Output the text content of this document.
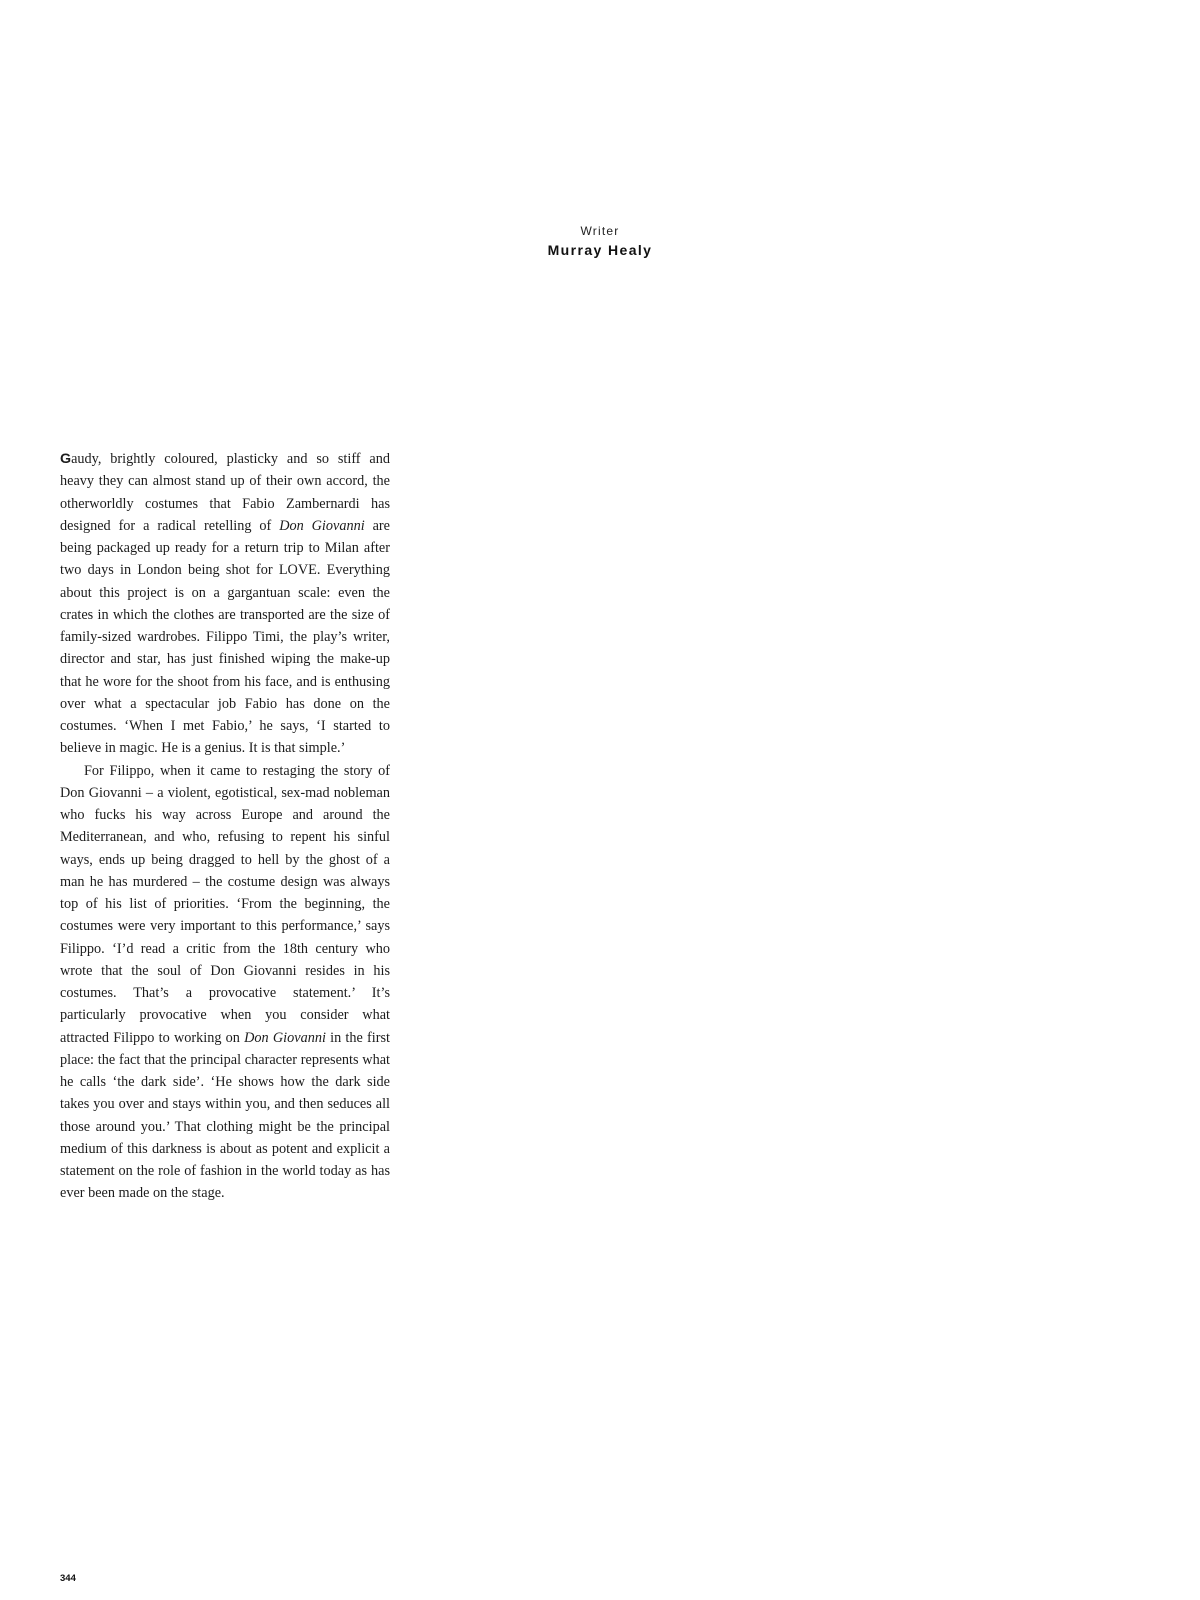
Writer
Murray Healy

Gaudy, brightly coloured, plasticky and so stiff and heavy they can almost stand up of their own accord, the otherworldly costumes that Fabio Zambernardi has designed for a radical retelling of Don Giovanni are being packaged up ready for a return trip to Milan after two days in London being shot for LOVE. Everything about this project is on a gargantuan scale: even the crates in which the clothes are transported are the size of family-sized wardrobes. Filippo Timi, the play’s writer, director and star, has just finished wiping the make-up that he wore for the shoot from his face, and is enthusing over what a spectacular job Fabio has done on the costumes. ‘When I met Fabio,’ he says, ‘I started to believe in magic. He is a genius. It is that simple.’

For Filippo, when it came to restaging the story of Don Giovanni – a violent, egotistical, sex-mad nobleman who fucks his way across Europe and around the Mediterranean, and who, refusing to repent his sinful ways, ends up being dragged to hell by the ghost of a man he has murdered – the costume design was always top of his list of priorities. ‘From the beginning, the costumes were very important to this performance,’ says Filippo. ‘I’d read a critic from the 18th century who wrote that the soul of Don Giovanni resides in his costumes. That’s a provocative statement.’ It’s particularly provocative when you consider what attracted Filippo to working on Don Giovanni in the first place: the fact that the principal character represents what he calls ‘the dark side’. ‘He shows how the dark side takes you over and stays within you, and then seduces all those around you.’ That clothing might be the principal medium of this darkness is about as potent and explicit a statement on the role of fashion in the world today as has ever been made on the stage.

344
